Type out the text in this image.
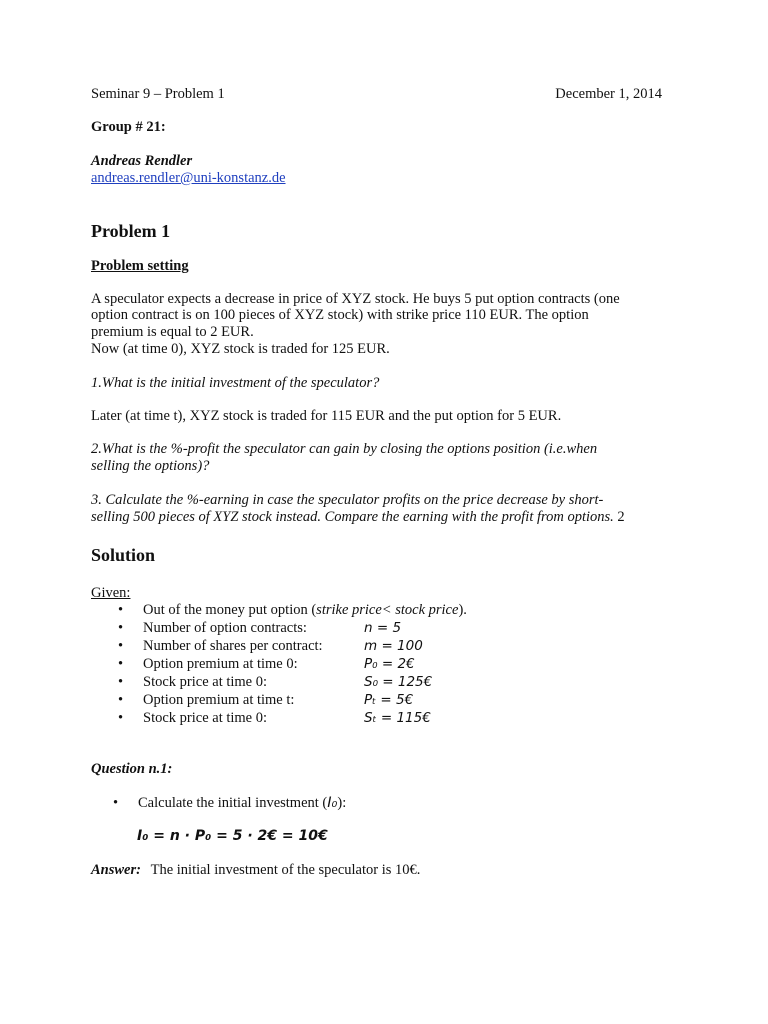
Seminar 9 – Problem 1	December 1, 2014
Group # 21:
Andreas Rendler
andreas.rendler@uni-konstanz.de
Problem 1
Problem setting
A speculator expects a decrease in price of XYZ stock. He buys 5 put option contracts (one
option contract is on 100 pieces of XYZ stock) with strike price 110 EUR. The option
premium is equal to 2 EUR.
Now (at time 0), XYZ stock is traded for 125 EUR.
1.What is the initial investment of the speculator?
Later (at time t), XYZ stock is traded for 115 EUR and the put option for 5 EUR.
2.What is the %-profit the speculator can gain by closing the options position (i.e.when
selling the options)?
3. Calculate the %-earning in case the speculator profits on the price decrease by short-
selling 500 pieces of XYZ stock instead. Compare the earning with the profit from options. 2
Solution
Given:
• Out of the money put option (strike price< stock price).
• Number of option contracts:	n = 5
• Number of shares per contract:	m = 100
• Option premium at time 0:	P₀ = 2€
• Stock price at time 0:	S₀ = 125€
• Option premium at time t:	Pₜ = 5€
• Stock price at time 0:	Sₜ = 115€
Question n.1:
• Calculate the initial investment (I₀):
I₀ = n · P₀ = 5 · 2€ = 10€
Answer: The initial investment of the speculator is 10€.
